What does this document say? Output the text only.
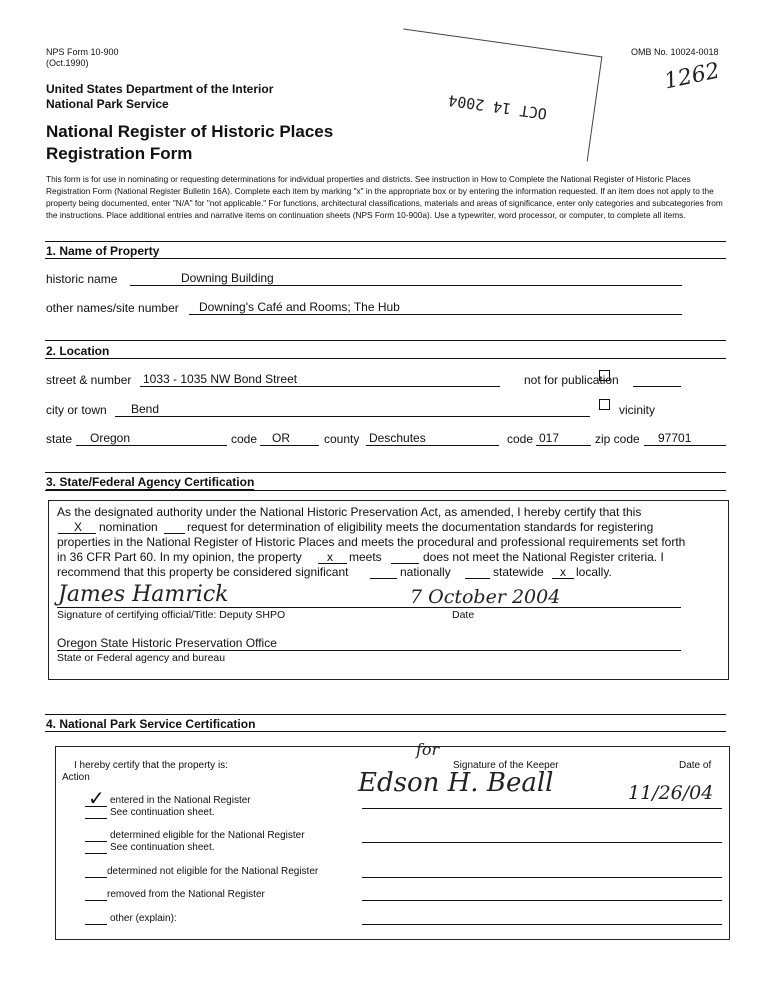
NPS Form 10-900
(Oct.1990)
OMB No. 10024-0018
1262
United States Department of the Interior
National Park Service
National Register of Historic Places
Registration Form
OCT 14 2004
This form is for use in nominating or requesting determinations for individual properties and districts. See instruction in How to Complete the National Register of Historic Places
Registration Form (National Register Bulletin 16A). Complete each item by marking "x" in the appropriate box or by entering the information requested. If an item does not apply to the
property being documented, enter "N/A" for "not applicable." For functions, architectural classifications, materials and areas of significance, enter only categories and subcategories from
the instructions. Place additional entries and narrative items on continuation sheets (NPS Form 10-900a). Use a typewriter, word processor, or computer, to complete all items.
1. Name of Property
historic name	Downing Building
other names/site number Downing's Café and Rooms; The Hub
2. Location
street & number 1033 - 1035 NW Bond Street	not for publication
city or town Bend	vicinity
state Oregon	code OR	county Deschutes	code 017	zip code 97701
3. State/Federal Agency Certification
As the designated authority under the National Historic Preservation Act, as amended, I hereby certify that this
X nomination request for determination of eligibility meets the documentation standards for registering
properties in the National Register of Historic Places and meets the procedural and professional requirements set forth
in 36 CFR Part 60. In my opinion, the property x meets	does not meet the National Register criteria. I
recommend that this property be considered significant	nationally	statewide x locally.
James Hamrick	7 October 2004
Signature of certifying official/Title: Deputy SHPO	Date
Oregon State Historic Preservation Office
State or Federal agency and bureau
4. National Park Service Certification
I hereby certify that the property is:
Action
Signature of the Keeper	Date of
for
Edson H. Beall	11/26/04
✓ entered in the National Register
See continuation sheet.
determined eligible for the National Register
See continuation sheet.
determined not eligible for the National Register
removed from the National Register
other (explain):
